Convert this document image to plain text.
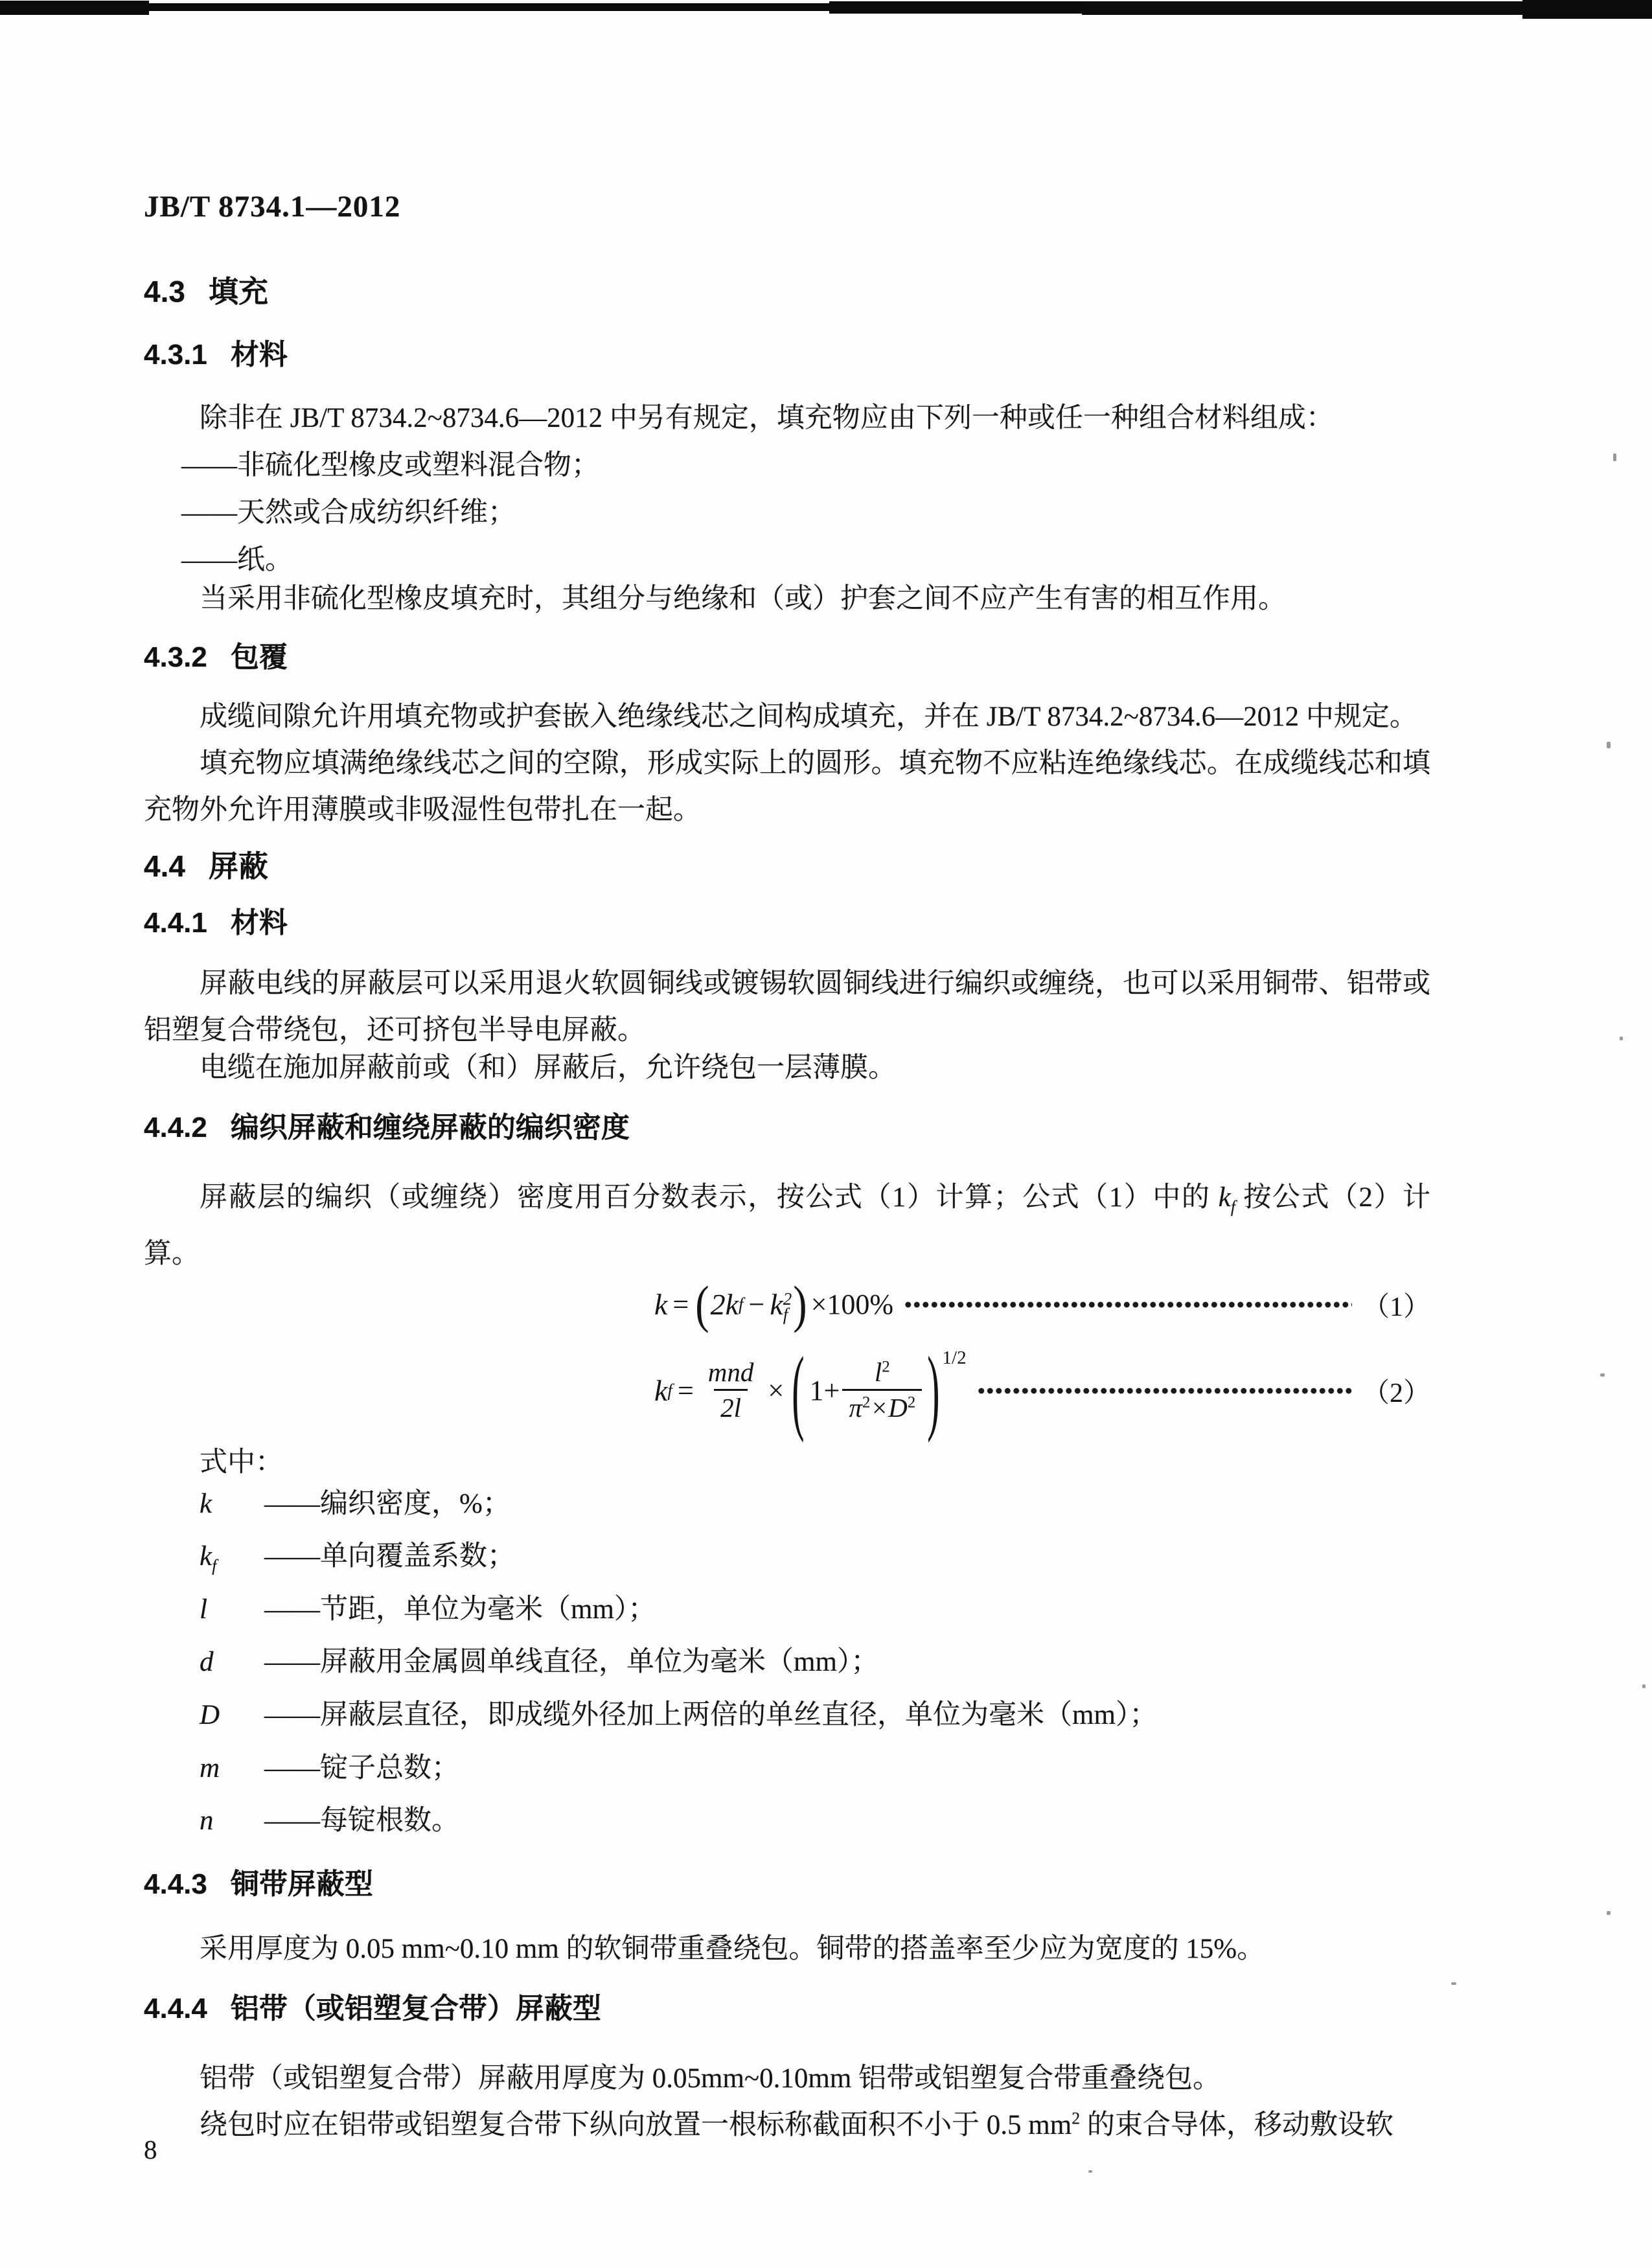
JB/T 8734.1—2012
4.3 填充
4.3.1 材料

除非在 JB/T 8734.2~8734.6—2012 中另有规定，填充物应由下列一种或任一种组合材料组成：

——非硫化型橡皮或塑料混合物；
——天然或合成纺织纤维；
——纸。

当采用非硫化型橡皮填充时，其组分与绝缘和（或）护套之间不应产生有害的相互作用。

4.3.2 包覆

成缆间隙允许用填充物或护套嵌入绝缘线芯之间构成填充，并在 JB/T 8734.2~8734.6—2012 中规定。

填充物应填满绝缘线芯之间的空隙，形成实际上的圆形。填充物不应粘连绝缘线芯。在成缆线芯和填充物外允许用薄膜或非吸湿性包带扎在一起。

4.4 屏蔽
4.4.1 材料

屏蔽电线的屏蔽层可以采用退火软圆铜线或镀锡软圆铜线进行编织或缠绕，也可以采用铜带、铝带或铝塑复合带绕包，还可挤包半导电屏蔽。

电缆在施加屏蔽前或（和）屏蔽后，允许绕包一层薄膜。

4.4.2 编织屏蔽和缠绕屏蔽的编织密度

屏蔽层的编织（或缠绕）密度用百分数表示，按公式（1）计算；公式（1）中的 $k_f$ 按公式（2）计算。

k = ( 2k f − k 2
f ) ×100%	（1）
k $f = \frac{\text{mnd}}{2l}$ × ( $1+ \frac{l^2}{\pi^2\times D^2}$ ) 1/2
（2）

式中：

k	——编织密度，%；
$k_f$	——单向覆盖系数；
l	——节距，单位为毫米（mm）；
d	——屏蔽用金属圆单线直径，单位为毫米（mm）；
D	——屏蔽层直径，即成缆外径加上两倍的单丝直径，单位为毫米（mm）；
m	——锭子总数；
n	——每锭根数。
4.4.3 铜带屏蔽型

采用厚度为 0.05 mm~0.10 mm 的软铜带重叠绕包。铜带的搭盖率至少应为宽度的 15%。

4.4.4 铝带（或铝塑复合带）屏蔽型

铝带（或铝塑复合带）屏蔽用厚度为 0.05mm~0.10mm 铝带或铝塑复合带重叠绕包。

绕包时应在铝带或铝塑复合带下纵向放置一根标称截面积不小于 0.5 $mm^2$ 的束合导体，移动敷设软

8
